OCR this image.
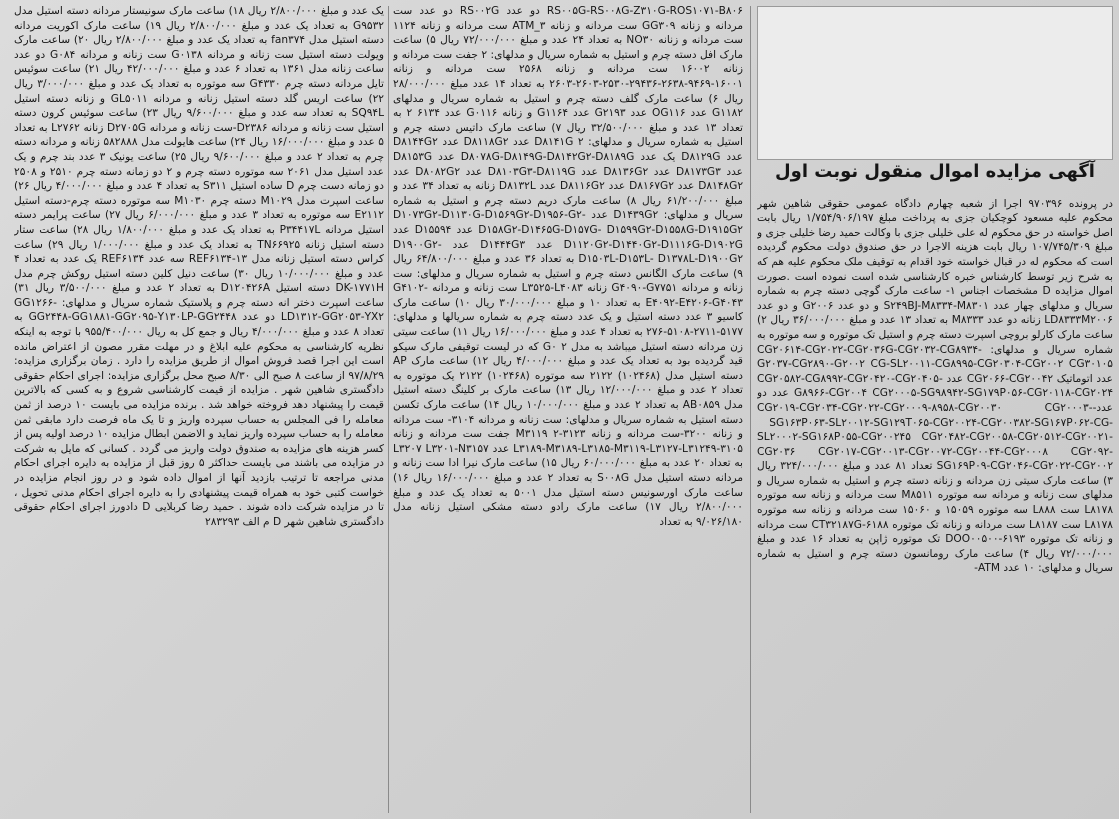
یک عدد و مبلغ ۲/۸۰۰/۰۰۰ ریال ۱۸) ساعت مارک سونیستار مردانه دسته استیل مدل G۹۵۳۲ به تعداد یک عدد و مبلغ ۲/۸۰۰/۰۰۰ ریال ۱۹) ساعت مارک اکوریت مردانه دسته استیل مدل fan۳۷۴ به تعداد یک عدد و مبلغ ۲/۸۰۰/۰۰۰ ریال ۲۰) ساعت مارک ویولت دسته استیل ست زنانه و مردانه G۰۱۳۸ ست زنانه و مردانه G۰۸۴ دو عدد ساعت زنانه مدل ۱۳۶۱ به تعداد ۶ عدد و مبلغ ۴۲/۰۰۰/۰۰۰ ریال ۲۱) ساعت سوئیس تایل مردانه دسته چرم G۴۳۳۰ سه موتوره به تعداد یک عدد و مبلغ ۳/۰۰۰/۰۰۰ ریال ۲۲) ساعت اریس گلد دسته استیل زنانه و مردانه GL۵۰۱۱ و زنانه دسته استیل SQ۹۴L به تعداد سه عدد و مبلغ ۹/۶۰۰/۰۰۰ ریال ۲۳) ساعت سوئیس کرون دسته استیل ست زنانه و مردانه D۲۳۸۶-ست زنانه و مردانه D۲۷۰۵G زنانه L۲۷۶۲ به تعداد ۵ عدد و مبلغ ۱۶/۰۰۰/۰۰۰ ریال ۲۴) ساعت هایولت مدل ۵۸۲۸۸۸ زنانه و مردانه دسته چرم به تعداد ۲ عدد و مبلغ ۹/۶۰۰/۰۰۰ ریال ۲۵) ساعت یونیک ۳ عدد بند چرم و یک عدد استیل مدل ۲۰۶۱ سه موتوره دسته چرم و ۲ دو زمانه دسته چرم ۲۵۱۰ و ۲۵۰۸ دو زمانه دست چرم D ساده استیل S۳۱۱ به تعداد ۴ عدد و مبلغ ۴/۰۰۰/۰۰۰ ریال ۲۶) ساعت اسپرت مدل M۱۰۲۹ دسته چرم M۱۰۳۰ سه موتوره دسته چرم-دسته استیل E۲۱۱۲ سه موتوره به تعداد ۳ عدد و مبلغ ۶/۰۰۰/۰۰۰ ریال ۲۷) ساعت پرایمر دسته استیل مردانه P۳۴۴۱۷L به تعداد یک عدد و مبلغ ۱/۸۰۰/۰۰۰ ریال ۲۸) ساعت ستار دسته استیل زنانه TN۶۶۹۲۵ به تعداد یک عدد و مبلغ ۱/۰۰۰/۰۰۰ ریال ۲۹) ساعت کراس دسته استیل زنانه مدل REF۶۱۳۴-۱۳ سه عدد REF۶۱۳۴ یک عدد به تعداد ۴ عدد و مبلغ ۱۰/۰۰۰/۰۰۰ ریال ۳۰) ساعت دنیل کلین دسته استیل روکش چرم مدل DK-۱۷۷۱H دسته استیل D۱۲۰۴۲۶A به تعداد ۲ عدد و مبلغ ۳/۵۰۰/۰۰۰ ریال ۳۱) ساعت اسپرت دختر انه دسته چرم و پلاستیک شماره سریال و مدلهای: GG۱۲۶۶-LD۱۳۱۲-GG۲۰۵۳-YX۲ دو عدد GG۲۴۴۸-GG۱۸۸۱-GG۲۰۹۵-Y۱۳۰LP-GG۲۴۴۸ به تعداد ۸ عدد و مبلغ ۴/۰۰۰/۰۰۰ ریال و جمع کل به ریال ۹۵۵/۴۰۰/۰۰۰ با توجه به اینکه نظریه کارشناسی به محکوم علیه ابلاغ و در مهلت مقرر مصون از اعتراض مانده است این اجرا قصد فروش اموال از طریق مزایده را دارد . زمان برگزاری مزایده: ۹۷/۸/۲۹ از ساعت ۸ صبح الی ۸/۳۰ صبح محل برگزاری مزایده: اجرای احکام حقوقی دادگستری شاهین شهر . مزایده از قیمت کارشناسی شروع و به کسی که بالاترین قیمت را پیشنهاد دهد فروخته خواهد شد . برنده مزایده می بایست ۱۰ درصد از ثمن معامله را فی المجلس به حساب سپرده واریز و تا یک ماه فرصت دارد مابقی ثمن معامله را به حساب سپرده واریز نماید و الاضمن ابطال مزایده ۱۰ درصد اولیه پس از کسر هزینه های مزایده به صندوق دولت واریز می گردد . کسانی که مایل به شرکت در مزایده می باشند می بایست حداکثر ۵ روز قبل از مزایده به دایره اجرای احکام مدنی مراجعه تا ترتیب بازدید آنها از اموال داده شود و در روز انجام مزایده در خواست کتبی خود به همراه قیمت پیشنهادی را به دایره اجرای احکام مدنی تحویل ، تا در مزایده شرکت داده شوند . حمید رضا کربلایی D دادورز اجرای احکام حقوقی دادگستری شاهین شهر D م الف ۲۸۳۲۹۳

RS۰۰۵G-RS۰۰۸G-Z۳۱۰G-ROS۱۰۷۱-B۸۰۶ دو عدد RS۰۰۲G دو عدد ست مردانه و زنانه GG۳۰۹ ست مردانه و زنانه ATM_۳ ست مردانه و زنانه ۱۱۲۴ ست مردانه و زنانه NO۳۰ به تعداد ۲۴ عدد و مبلغ ۷۲/۰۰۰/۰۰۰ ریال ۵) ساعت مارک افل دسته چرم و استیل به شماره سریال و مدلهای: ۲ جفت ست مردانه و زنانه ۱۶۰۰۲ ست مردانه و زنانه ۲۵۶۸ ست مردانه و زنانه ۱۶۰۰۱-۹۴۶۹-۲۶۳۸-۲۹۴۳۶-۲۵۳۰-۲۶۰۳-۲۶۰۳ به تعداد ۱۴ عدد مبلغ ۲۸/۰۰۰/۰۰۰ ریال ۶) ساعت مارک گلف دسته چرم و استیل به شماره سریال و مدلهای G۱۱۸۲ عدد OG۱۱۶ عدد G۲۱۹۳ عدد G۱۱۶۴ و زنانه G۰۱۱۶ عدد ۶۱۳۴ ۲ به تعداد ۱۳ عدد و مبلغ ۳۲/۵۰۰/۰۰۰ ریال ۷) ساعت مارک داتیس دسته چرم و استیل به شماره سریال و مدلهای: D۸۱۴۱G ۲ عدد D۸۱۱۸G۲ عدد D۸۱۴۴G۲ عدد D۸۱۲۹G یک عدد D۸۰۷۸G-D۸۱۴۹G-D۸۱۴۲G۲-D۸۱۸۹G عدد D۸۱۵۳G عدد D۸۱۷۳G۳ عدد D۸۱۳۶G۲ عدد D۸۱۰۳G۳-D۸۱۱۹G عدد D۸۰۸۲G۲ عدد D۸۱۴۸G۲ عدد D۸۱۶۷G۲ عدد D۸۱۱۶G۲ عدد D۸۱۳۲L زنانه به تعداد ۳۴ عدد و مبلغ ۶۱/۲۰۰/۰۰۰ ریال ۸) ساعت مارک دریم دسته چرم و استیل به شماره سریال و مدلهای: D۱۴۳۹G۲ عدد D۱۰۷۳G۲-D۱۱۳۰G-D۱۵۶۹G۲-D۱۹۵۶-G۲-D۱۵۸G۲-D۱۴۶۵G-D۱۵۷G- D۱۵۹۹G۲-D۱۵۵۸G-D۱۹۱۵G۲ عدد D۱۵۵۹۴ عدد D۱۱۲۰G۲-D۱۴۴۰G۲-D۱۱۱۶G-D۱۹۰۲G عدد D۱۴۴۴G۳ عدد D۱۹۰۰G۲-D۱۵۰۳L-D۱۵۳L- D۱۳۷۸L-D۱۹۰۰G۲ به تعداد ۳۶ عدد و مبلغ ۶۴/۸۰۰/۰۰۰ ریال ۹) ساعت مارک الگانس دسته چرم و استیل به شماره سریال و مدلهای: ست زنانه و مردانه G۴۰۹۰-G۷۷۵۱ زنانه L۳۵۲۵-L۴۰۸۳ ست زنانه و مردانه G۴۱۰۲-E۴۰۹۲-E۴۲۰۶-G۴۰۴۳ به تعداد ۱۰ و مبلغ ۳۰/۰۰۰/۰۰۰ ریال ۱۰) ساعت مارک کاسیو ۳ عدد دسته استیل و یک عدد دسته چرم به شماره سریالها و مدلهای: ۵۱۷۷-۲۷۱۱-۵۱۰۸-۲۷۶ به تعداد ۴ عدد و مبلغ ۱۶/۰۰۰/۰۰۰ ریال ۱۱) ساعت سیتی زن مردانه دسته استیل میباشد به مدل ۲ G۰ که در لیست توقیفی مارک سیکو قید گردیده بود به تعداد یک عدد و مبلغ ۴/۰۰۰/۰۰۰ ریال ۱۲) ساعت مارک AP دسته استیل مدل (۱۰۲۴۶۸) ۲۱۲۲ سه موتوره (۱۰۲۴۶۸) ۲۱۲۲ یک موتوره به تعداد ۲ عدد و مبلغ ۱۲/۰۰۰/۰۰۰ ریال ۱۳) ساعت مارک بر کلینگ دسته استیل مدل AB۰۸۵۹ به تعداد ۲ عدد و مبلغ ۱۰/۰۰۰/۰۰۰ ریال ۱۴) ساعت مارک تکسن دسته استیل به شماره سریال و مدلهای: ست زنانه و مردانه ۳۱۰۴- ست مردانه و زنانه ۳۲۰۰-ست مردانه و زنانه ۳۱۲۳-M۳۱۱۹ ۲ جفت ست مردانه و زنانه ۳۱۰۵-L۳۱۸۹-M۳۱۸۹-L۳۱۸۵-M۳۱۱۹-L۳۱۲۷-L۳۱۲۴۹ عدد L۳۲۰۷ L۳۲۰۱-N۳۱۵۷ به تعداد ۲۰ عدد به مبلغ ۶۰/۰۰۰/۰۰۰ ریال ۱۵) ساعت مارک نیرا ادا ست زنانه و مردانه دسته استیل مدل S۰۰۸G به تعداد ۲ عدد و مبلغ ۱۶/۰۰۰/۰۰۰ ریال ۱۶) ساعت مارک اورسونیس دسته استیل مدل ۵۰۰۱ به تعداد یک عدد و مبلغ ۲/۸۰۰/۰۰۰ ریال ۱۷) ساعت مارک رادو دسته مشکی استیل زنانه مدل ۹/۰۲۶/۱۸۰ به تعداد

آگهی مزایده اموال منقول نوبت اول

در پرونده ۹۷۰۳۹۶ اجرا از شعبه چهارم دادگاه عمومی حقوقی شاهین شهر محکوم علیه مسعود کوچکیان جزی به پرداخت مبلغ ۱/۷۵۴/۹۰۶/۱۹۷ ریال بابت اصل خواسته در حق محکوم له علی خلیلی جزی با وکالت حمید رضا خلیلی جزی و مبلغ ۱۰۷/۷۴۵/۳۰۹ ریال بابت هزینه الاجرا در حق صندوق دولت محکوم گردیده است که محکوم له در قبال خواسته خود اقدام به توقیف ملک محکوم علیه هم که به شرح زیر توسط کارشناس خبره کارشناسی شده است نموده است .صورت اموال مزایده D مشخصات اجناس ۱- ساعت مارک گوچی دسته چرم به شماره سریال و مدلهای چهار عدد S۲۴۹BJ-M۸۳۳۴-M۸۳۰۱ و دو عدد G۲۰۰۶ و دو عدد LD۸۳۳۳M۲۰۰۶ زنانه دو عدد M۸۳۳۳ به تعداد ۱۳ عدد و مبلغ ۳۶/۰۰۰/۰۰۰ ریال ۲) ساعت مارک کارلو بروچی اسپرت دسته چرم و استیل تک موتوره و سه موتوره به شماره سریال و مدلهای: CG۲۰۶۱۴-CG۲۰۲۲-CG۲۰۳۶G-CG۲۰۳۲-CG۸۹۳۴-G۲۰۳۷-CG۲۸۹۰-G۲۰۰۲ CG-SL۲۰۰۱۱-CG۸۹۹۵-CG۲۰۳۰۴-CG۲۰۰۲ CG۳۰۱۰۵ عدد اتوماتیک CG۲۰۶۶-CG۲۰۰۴۲ عدد CG۲۰۵۸۲-CG۸۹۹۲-CG۲۰۴۲۰-CG۲۰۴۰۵-G۸۹۶۶-CG۲۰۰۴ CG۲۰۰۰۵-SG۹۸۹۴۲-SG۱۷۹P۰۵۶-CG۲۰۱۱۸-CG۲۰۲۴ عدد دو عدد-CG۲۰۱۹-CG۲۰۳۴-CG۲۰۲۲-CG۲۰۰۰۹-۸۹۵۸-CG۲۰۰۳۰ CG۲۰۰۰۳-SG۱۶۳P۰۶۳-SL۲۰۰۱۲-SG۱۲۹T۰۶۵-CG۲۰۰۲۴-CG۲۰۰۳۸۲-SG۱۶۷P۰۶۲-CG-SL۲۰۰۰۲-SG۱۶۸P۰۵۵-CG۲۰۰۲۴۵ CG۲۰۴۸۲-CG۲۰۰۵۸-CG۲۰۵۱۲-CG۲۰۰۲۱-CG۲۰۳۶ CG۲۰۱۷-CG۲۰۰۱۳-CG۲۰۰۷۲-CG۲۰۰۴۴-CG۲۰۰۰۸ CG۲۰۹۲-SG۱۶۹P۰۹-CG۲۰۴۶-CG۲۰۲۲-CG۲۰۰۲ تعداد ۸۱ عدد و مبلغ ۳۲۴/۰۰۰/۰۰۰ ریال ۳) ساعت مارک سیتی زن مردانه و زنانه دسته چرم و استیل به شماره سریال و مدلهای ست زنانه و مردانه سه موتوره M۸۵۱۱ ست مردانه و زنانه سه موتوره L۸۱۷۸ ست L۸۸۸ سه موتوره ۱۵۰۵۹ و ۱۵۰۶۰ ست مردانه و زنانه سه موتوره L۸۱۷۸ ست L۸۱۸۷ ست مردانه و زنانه تک موتوره CT۳۲۱۸۷G-۶۱۸۸ ست مردانه و زنانه تک موتوره DOO۰۰۵۰۰-۶۱۹۳ تک موتوره ژاپن به تعداد ۱۶ عدد و مبلغ ۷۲/۰۰۰/۰۰۰ ریال ۴) ساعت مارک رومانسون دسته چرم و استیل به شماره سریال و مدلهای: ۱۰ عدد ATM-
